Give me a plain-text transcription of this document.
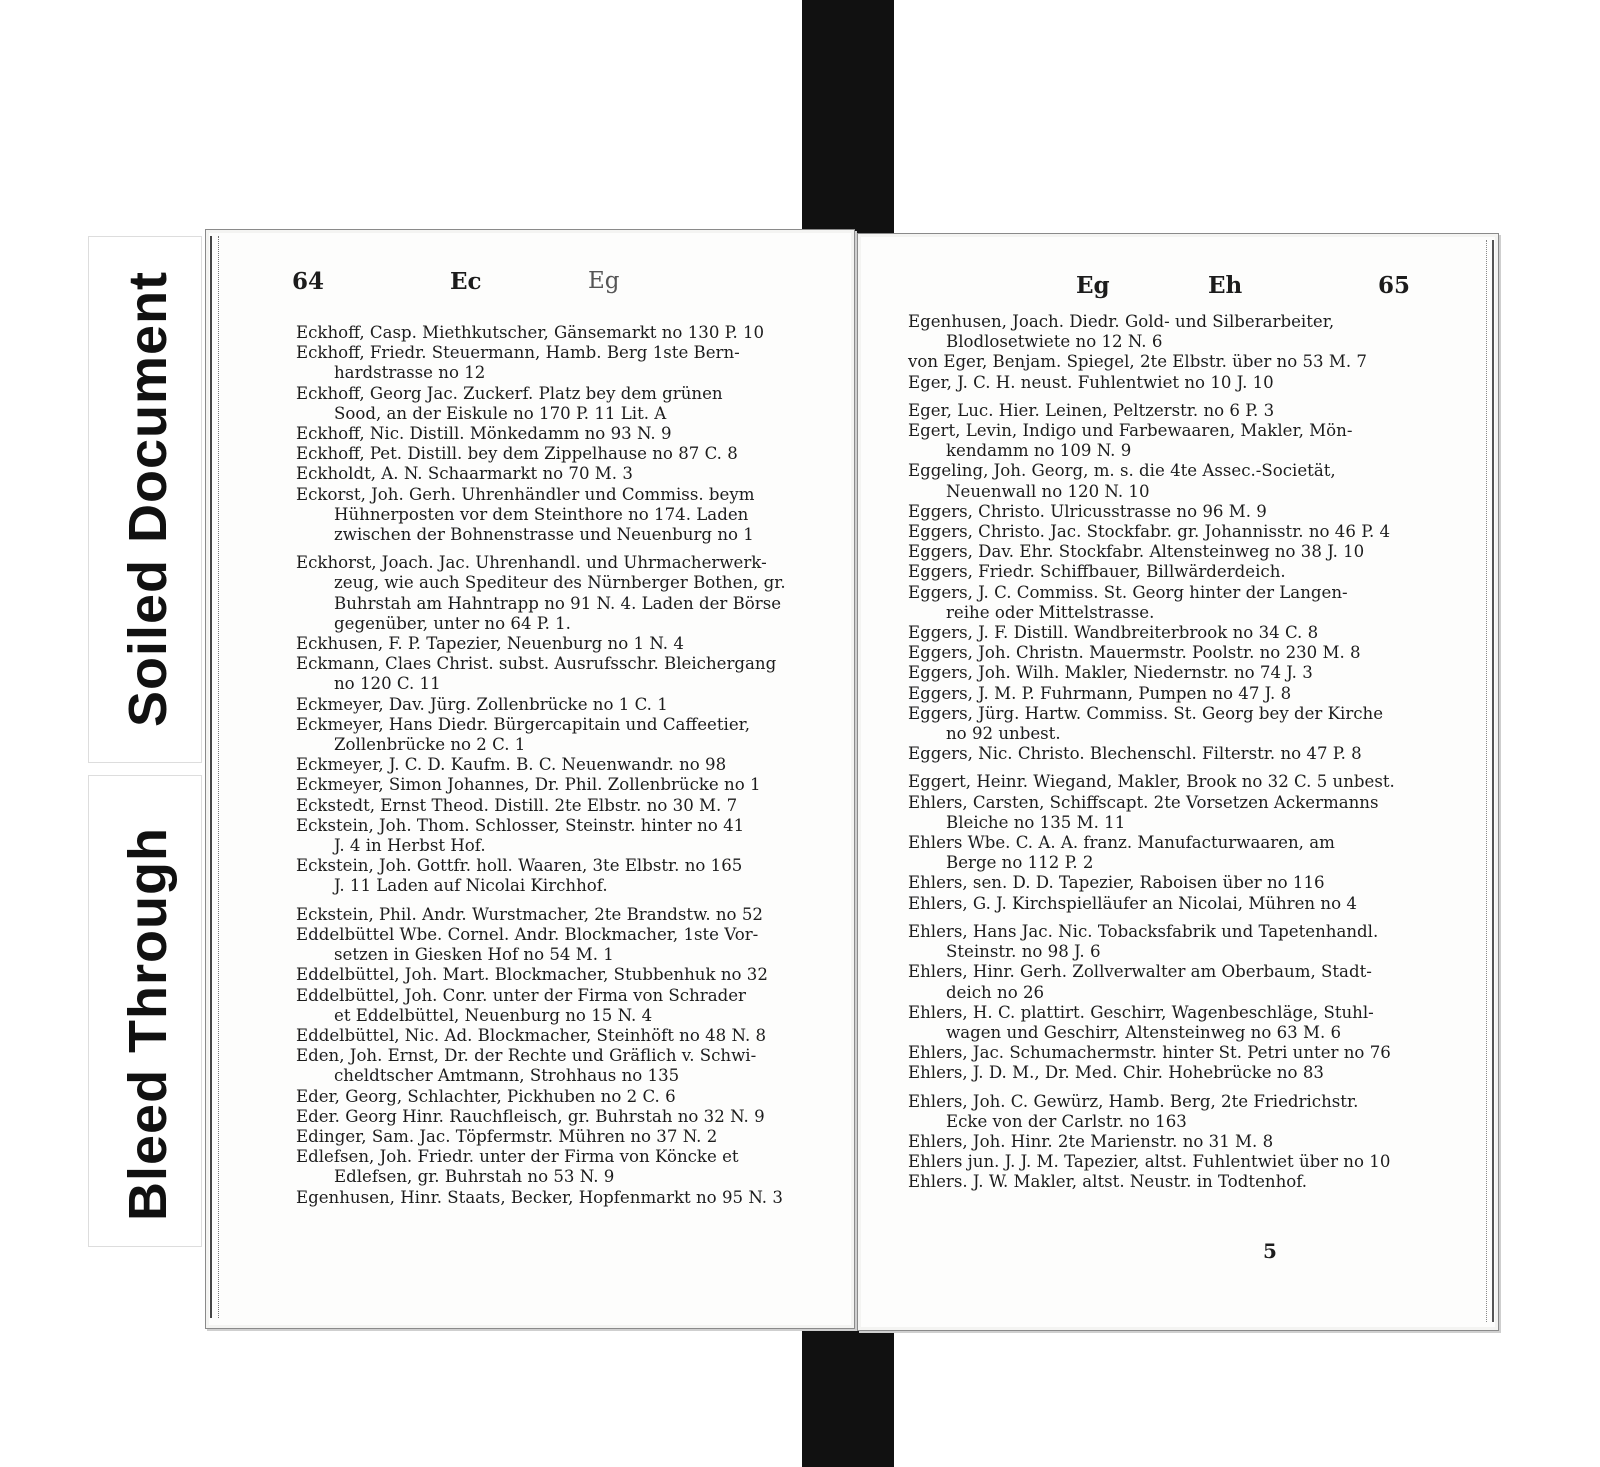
Soiled Document
Bleed Through
64	Ec	Eg
Eckhoff, Casp. Miethkutscher, Gänsemarkt no 130 P. 10
Eckhoff, Friedr. Steuermann, Hamb. Berg 1ste Bern-
hardstrasse no 12
Eckhoff, Georg Jac. Zuckerf. Platz bey dem grünen
Sood, an der Eiskule no 170 P. 11 Lit. A
Eckhoff, Nic. Distill. Mönkedamm no 93 N. 9
Eckhoff, Pet. Distill. bey dem Zippelhause no 87 C. 8
Eckholdt, A. N. Schaarmarkt no 70 M. 3
Eckorst, Joh. Gerh. Uhrenhändler und Commiss. beym
Hühnerposten vor dem Steinthore no 174. Laden zwischen der Bohnenstrasse und Neuenburg no 1
Eckhorst, Joach. Jac. Uhrenhandl. und Uhrmacherwerk-
zeug, wie auch Spediteur des Nürnberger Bothen, gr. Buhrstah am Hahntrapp no 91 N. 4. Laden der Börse gegenüber, unter no 64 P. 1.
Eckhusen, F. P. Tapezier, Neuenburg no 1 N. 4
Eckmann, Claes Christ. subst. Ausrufsschr. Bleichergang
no 120 C. 11
Eckmeyer, Dav. Jürg. Zollenbrücke no 1 C. 1
Eckmeyer, Hans Diedr. Bürgercapitain und Caffeetier,
Zollenbrücke no 2 C. 1
Eckmeyer, J. C. D. Kaufm. B. C. Neuenwandr. no 98
Eckmeyer, Simon Johannes, Dr. Phil. Zollenbrücke no 1
Eckstedt, Ernst Theod. Distill. 2te Elbstr. no 30 M. 7
Eckstein, Joh. Thom. Schlosser, Steinstr. hinter no 41
J. 4 in Herbst Hof.
Eckstein, Joh. Gottfr. holl. Waaren, 3te Elbstr. no 165
J. 11 Laden auf Nicolai Kirchhof.
Eckstein, Phil. Andr. Wurstmacher, 2te Brandstw. no 52
Eddelbüttel Wbe. Cornel. Andr. Blockmacher, 1ste Vor-
setzen in Giesken Hof no 54 M. 1
Eddelbüttel, Joh. Mart. Blockmacher, Stubbenhuk no 32
Eddelbüttel, Joh. Conr. unter der Firma von Schrader
et Eddelbüttel, Neuenburg no 15 N. 4
Eddelbüttel, Nic. Ad. Blockmacher, Steinhöft no 48 N. 8
Eden, Joh. Ernst, Dr. der Rechte und Gräflich v. Schwi-
cheldtscher Amtmann, Strohhaus no 135
Eder, Georg, Schlachter, Pickhuben no 2 C. 6
Eder. Georg Hinr. Rauchfleisch, gr. Buhrstah no 32 N. 9
Edinger, Sam. Jac. Töpfermstr. Mühren no 37 N. 2
Edlefsen, Joh. Friedr. unter der Firma von Köncke et
Edlefsen, gr. Buhrstah no 53 N. 9
Egenhusen, Hinr. Staats, Becker, Hopfenmarkt no 95 N. 3
Eg	Eh	65
Egenhusen, Joach. Diedr. Gold- und Silberarbeiter,
Blodlosetwiete no 12 N. 6
von Eger, Benjam. Spiegel, 2te Elbstr. über no 53 M. 7
Eger, J. C. H. neust. Fuhlentwiet no 10 J. 10
Eger, Luc. Hier. Leinen, Peltzerstr. no 6 P. 3
Egert, Levin, Indigo und Farbewaaren, Makler, Mön-
kendamm no 109 N. 9
Eggeling, Joh. Georg, m. s. die 4te Assec.-Societät,
Neuenwall no 120 N. 10
Eggers, Christo. Ulricusstrasse no 96 M. 9
Eggers, Christo. Jac. Stockfabr. gr. Johannisstr. no 46 P. 4
Eggers, Dav. Ehr. Stockfabr. Altensteinweg no 38 J. 10
Eggers, Friedr. Schiffbauer, Billwärderdeich.
Eggers, J. C. Commiss. St. Georg hinter der Langen-
reihe oder Mittelstrasse.
Eggers, J. F. Distill. Wandbreiterbrook no 34 C. 8
Eggers, Joh. Christn. Mauermstr. Poolstr. no 230 M. 8
Eggers, Joh. Wilh. Makler, Niedernstr. no 74 J. 3
Eggers, J. M. P. Fuhrmann, Pumpen no 47 J. 8
Eggers, Jürg. Hartw. Commiss. St. Georg bey der Kirche
no 92 unbest.
Eggers, Nic. Christo. Blechenschl. Filterstr. no 47 P. 8
Eggert, Heinr. Wiegand, Makler, Brook no 32 C. 5 unbest.
Ehlers, Carsten, Schiffscapt. 2te Vorsetzen Ackermanns
Bleiche no 135 M. 11
Ehlers Wbe. C. A. A. franz. Manufacturwaaren, am
Berge no 112 P. 2
Ehlers, sen. D. D. Tapezier, Raboisen über no 116
Ehlers, G. J. Kirchspielläufer an Nicolai, Mühren no 4
Ehlers, Hans Jac. Nic. Tobacksfabrik und Tapetenhandl.
Steinstr. no 98 J. 6
Ehlers, Hinr. Gerh. Zollverwalter am Oberbaum, Stadt-
deich no 26
Ehlers, H. C. plattirt. Geschirr, Wagenbeschläge, Stuhl-
wagen und Geschirr, Altensteinweg no 63 M. 6
Ehlers, Jac. Schumachermstr. hinter St. Petri unter no 76
Ehlers, J. D. M., Dr. Med. Chir. Hohebrücke no 83
Ehlers, Joh. C. Gewürz, Hamb. Berg, 2te Friedrichstr.
Ecke von der Carlstr. no 163
Ehlers, Joh. Hinr. 2te Marienstr. no 31 M. 8
Ehlers jun. J. J. M. Tapezier, altst. Fuhlentwiet über no 10
Ehlers. J. W. Makler, altst. Neustr. in Todtenhof.
5
